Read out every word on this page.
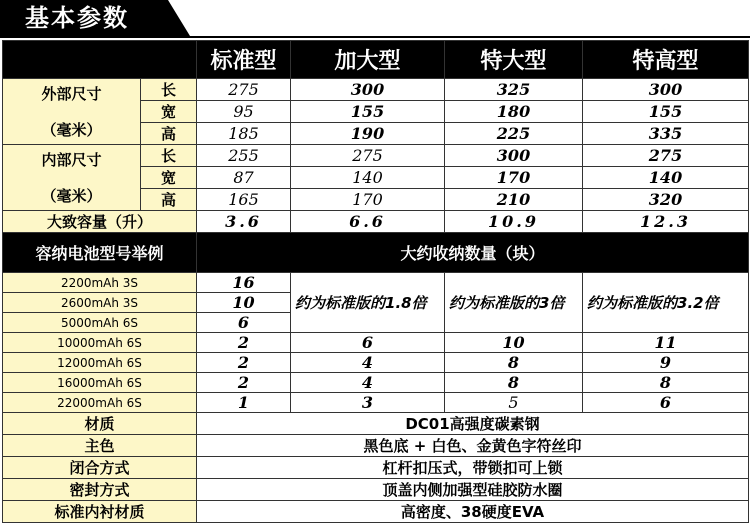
基本参数
		标准型	加大型	特大型	特高型

外部尺寸
（毫米）	长	275	300	325	300
	宽	95	155	180	155
	高	185	190	225	335

内部尺寸
（毫米）	长	255	275	300	275
	宽	87	140	170	140
	高	165	170	210	320
大致容量（升）		3.6	6.6	10.9	12.3
容纳电池型号举例		大约收纳数量（块）			
2200mAh 3S		16	约为标准版的1.8倍	约为标准版的3倍	约为标准版的3.2倍
2600mAh 3S		10			
5000mAh 6S		6			
10000mAh 6S		2	6	10	11
12000mAh 6S		2	4	8	9
16000mAh 6S		2	4	8	8
22000mAh 6S		1	3	5	6
材质		DC01高强度碳素钢			
主色		黑色底 + 白色、金黄色字符丝印			
闭合方式		杠杆扣压式，带锁扣可上锁			
密封方式		顶盖内侧加强型硅胶防水圈			
标准内衬材质		高密度、38硬度EVA			
